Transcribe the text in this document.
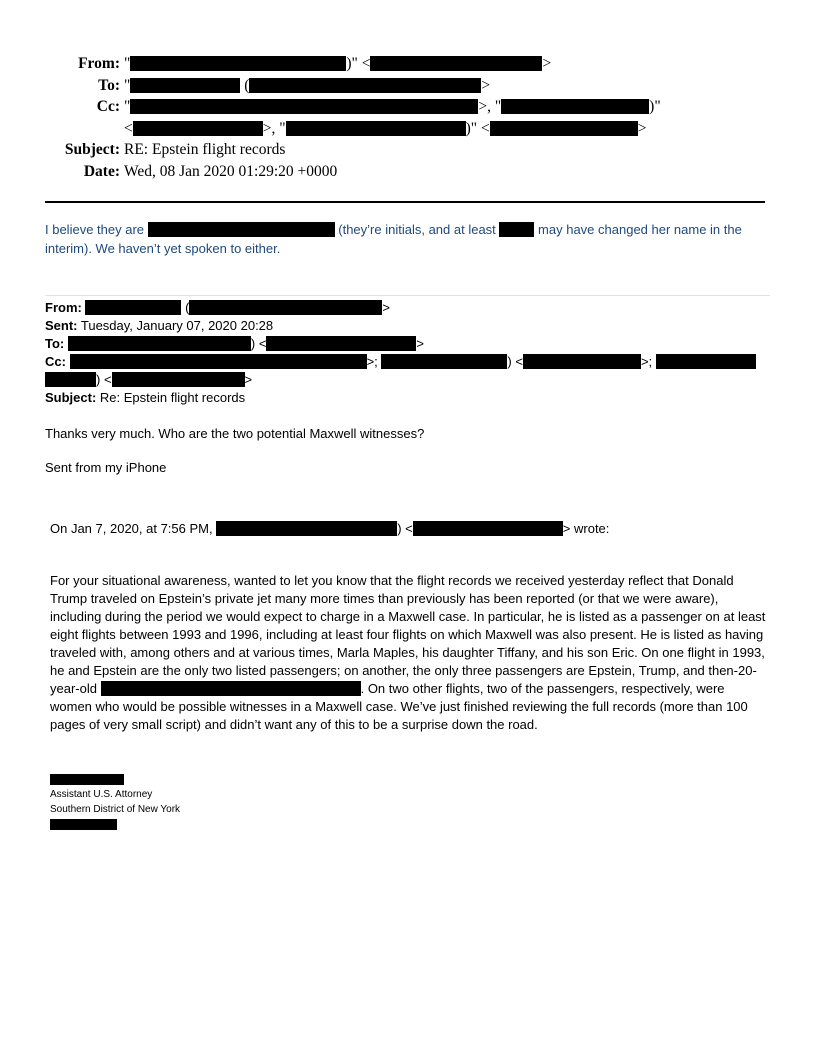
From: "	)" <	>
To: "	(	>
Cc: "	>, "	)"
<	>, "	)" <	>
Subject: RE: Epstein flight records
Date: Wed, 08 Jan 2020 01:29:20 +0000
I believe they are	(they’re initials, and at least	may have changed her name in the interim). We haven’t yet spoken to either.
From:	(	>
Sent: Tuesday, January 07, 2020 20:28
To:	) <	>
Cc:	>;	) <	>;
) <	>
Subject: Re: Epstein flight records
Thanks very much. Who are the two potential Maxwell witnesses?
Sent from my iPhone
On Jan 7, 2020, at 7:56 PM,	) <	> wrote:
For your situational awareness, wanted to let you know that the flight records we received yesterday reflect that Donald Trump traveled on Epstein’s private jet many more times than previously has been reported (or that we were aware), including during the period we would expect to charge in a Maxwell case. In particular, he is listed as a passenger on at least eight flights between 1993 and 1996, including at least four flights on which Maxwell was also present. He is listed as having traveled with, among others and at various times, Marla Maples, his daughter Tiffany, and his son Eric. On one flight in 1993, he and Epstein are the only two listed passengers; on another, the only three passengers are Epstein, Trump, and then-20-year-old	. On two other flights, two of the passengers, respectively, were women who would be possible witnesses in a Maxwell case. We’ve just finished reviewing the full records (more than 100 pages of very small script) and didn’t want any of this to be a surprise down the road.
Assistant U.S. Attorney
Southern District of New York
